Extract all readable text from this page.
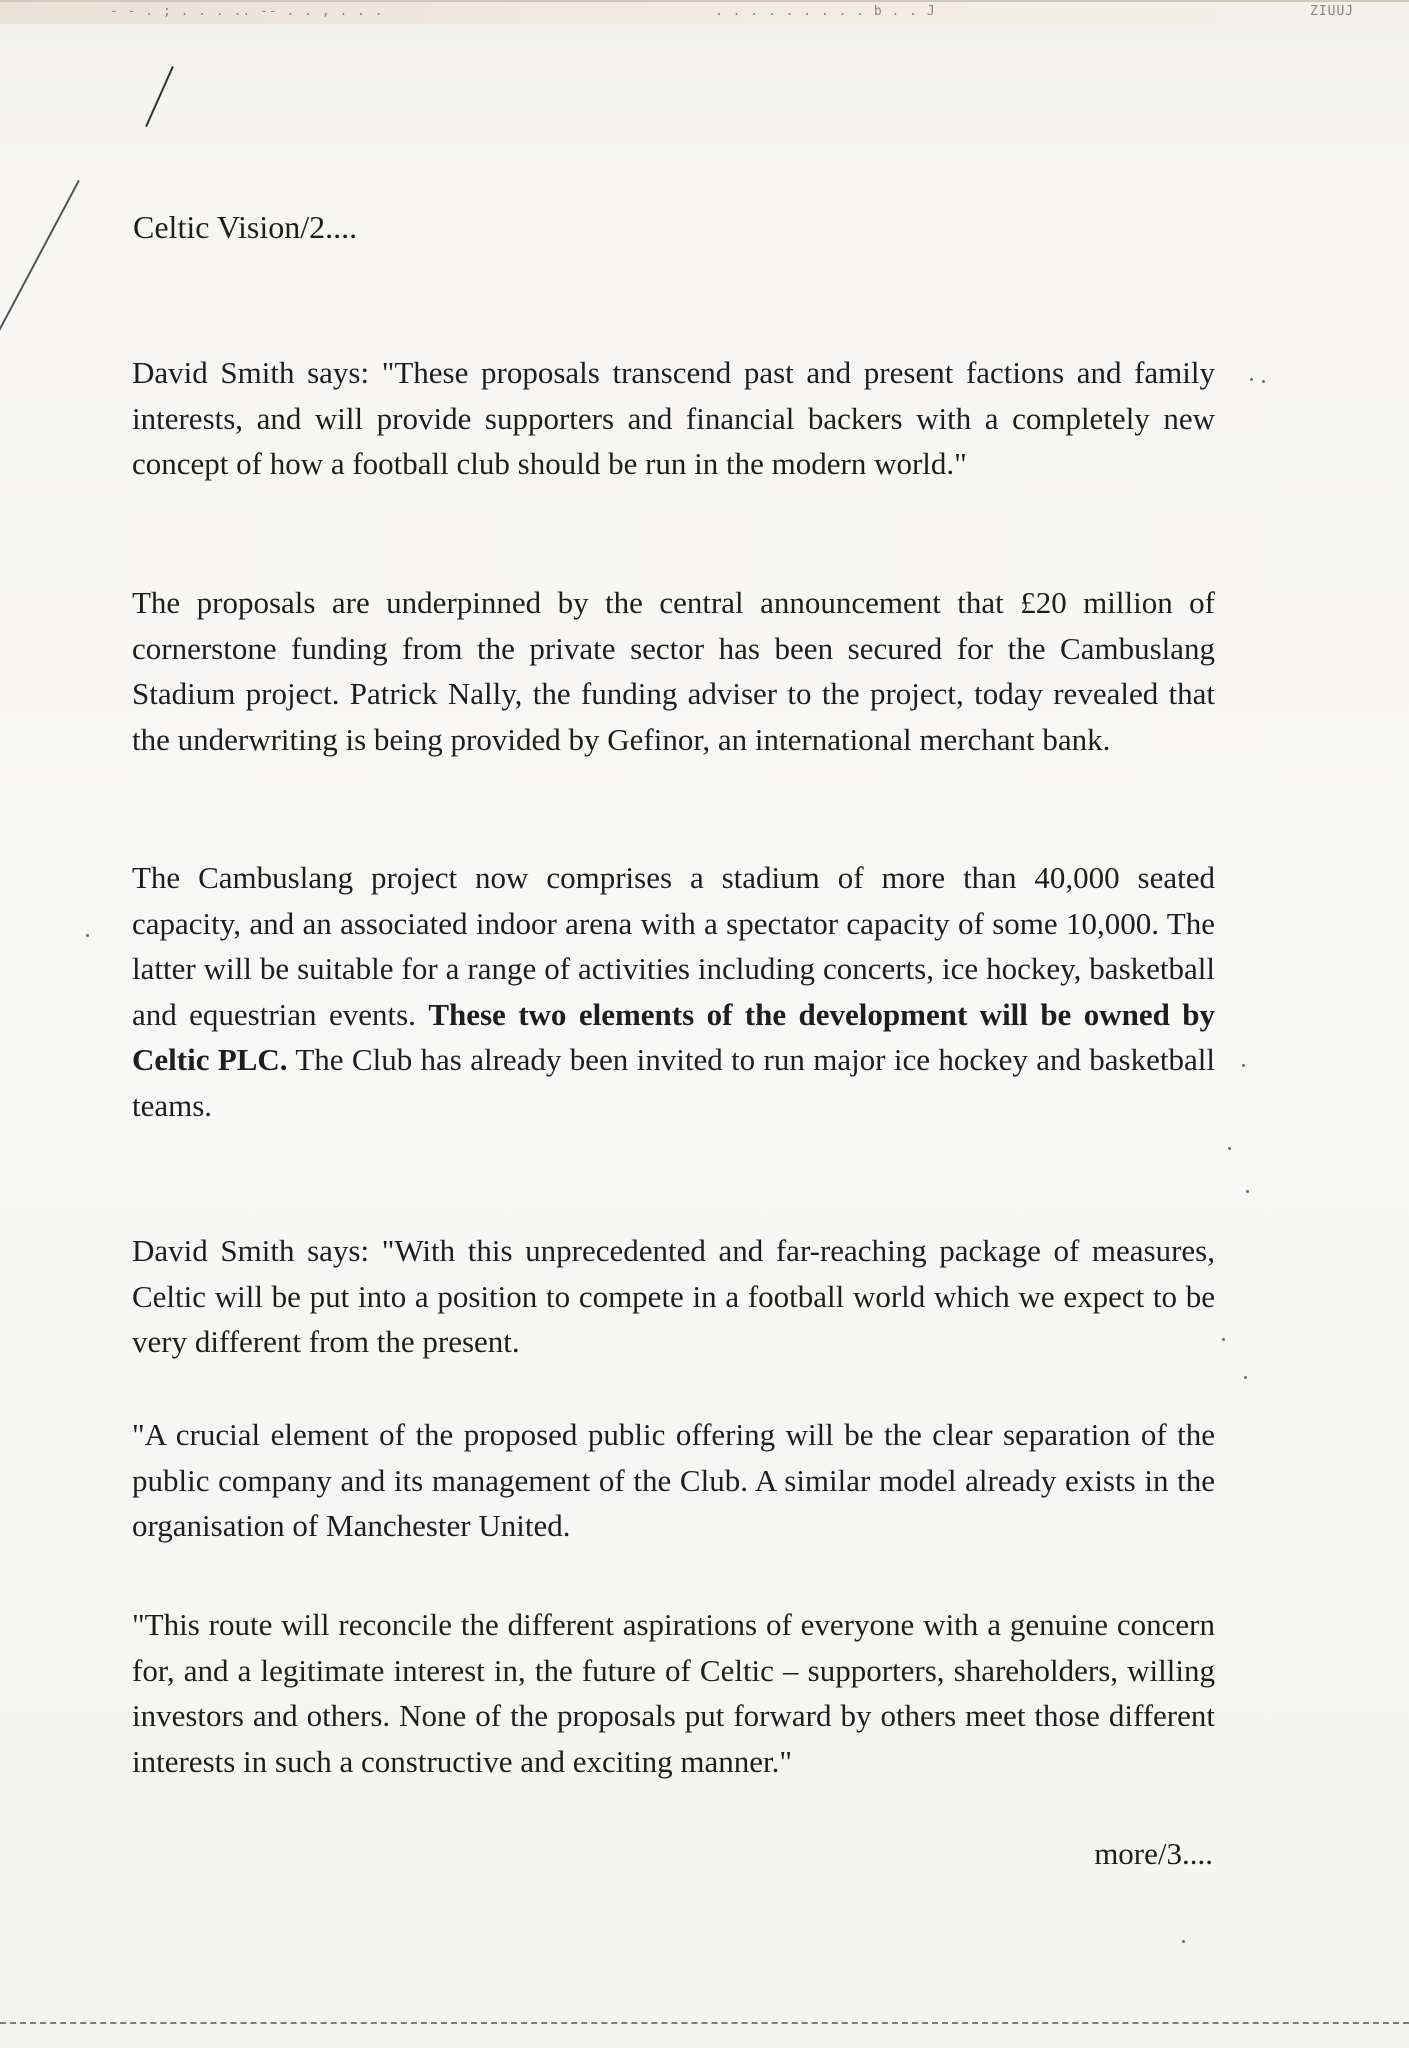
- - . ; . . . .. -- . . , . . .	. . . . . . . . . b . . J	ZIUUJ
Celtic Vision/2....

David Smith says: "These proposals transcend past and present factions and family interests, and will provide supporters and financial backers with a completely new concept of how a football club should be run in the modern world."

The proposals are underpinned by the central announcement that £20 million of cornerstone funding from the private sector has been secured for the Cambuslang Stadium project. Patrick Nally, the funding adviser to the project, today revealed that the underwriting is being provided by Gefinor, an international merchant bank.

The Cambuslang project now comprises a stadium of more than 40,000 seated capacity, and an associated indoor arena with a spectator capacity of some 10,000. The latter will be suitable for a range of activities including concerts, ice hockey, basketball and equestrian events. These two elements of the development will be owned by Celtic PLC. The Club has already been invited to run major ice hockey and basketball teams.

David Smith says: "With this unprecedented and far-reaching package of measures, Celtic will be put into a position to compete in a football world which we expect to be very different from the present.

"A crucial element of the proposed public offering will be the clear separation of the public company and its management of the Club. A similar model already exists in the organisation of Manchester United.

"This route will reconcile the different aspirations of everyone with a genuine concern for, and a legitimate interest in, the future of Celtic – supporters, shareholders, willing investors and others. None of the proposals put forward by others meet those different interests in such a constructive and exciting manner."

more/3....
